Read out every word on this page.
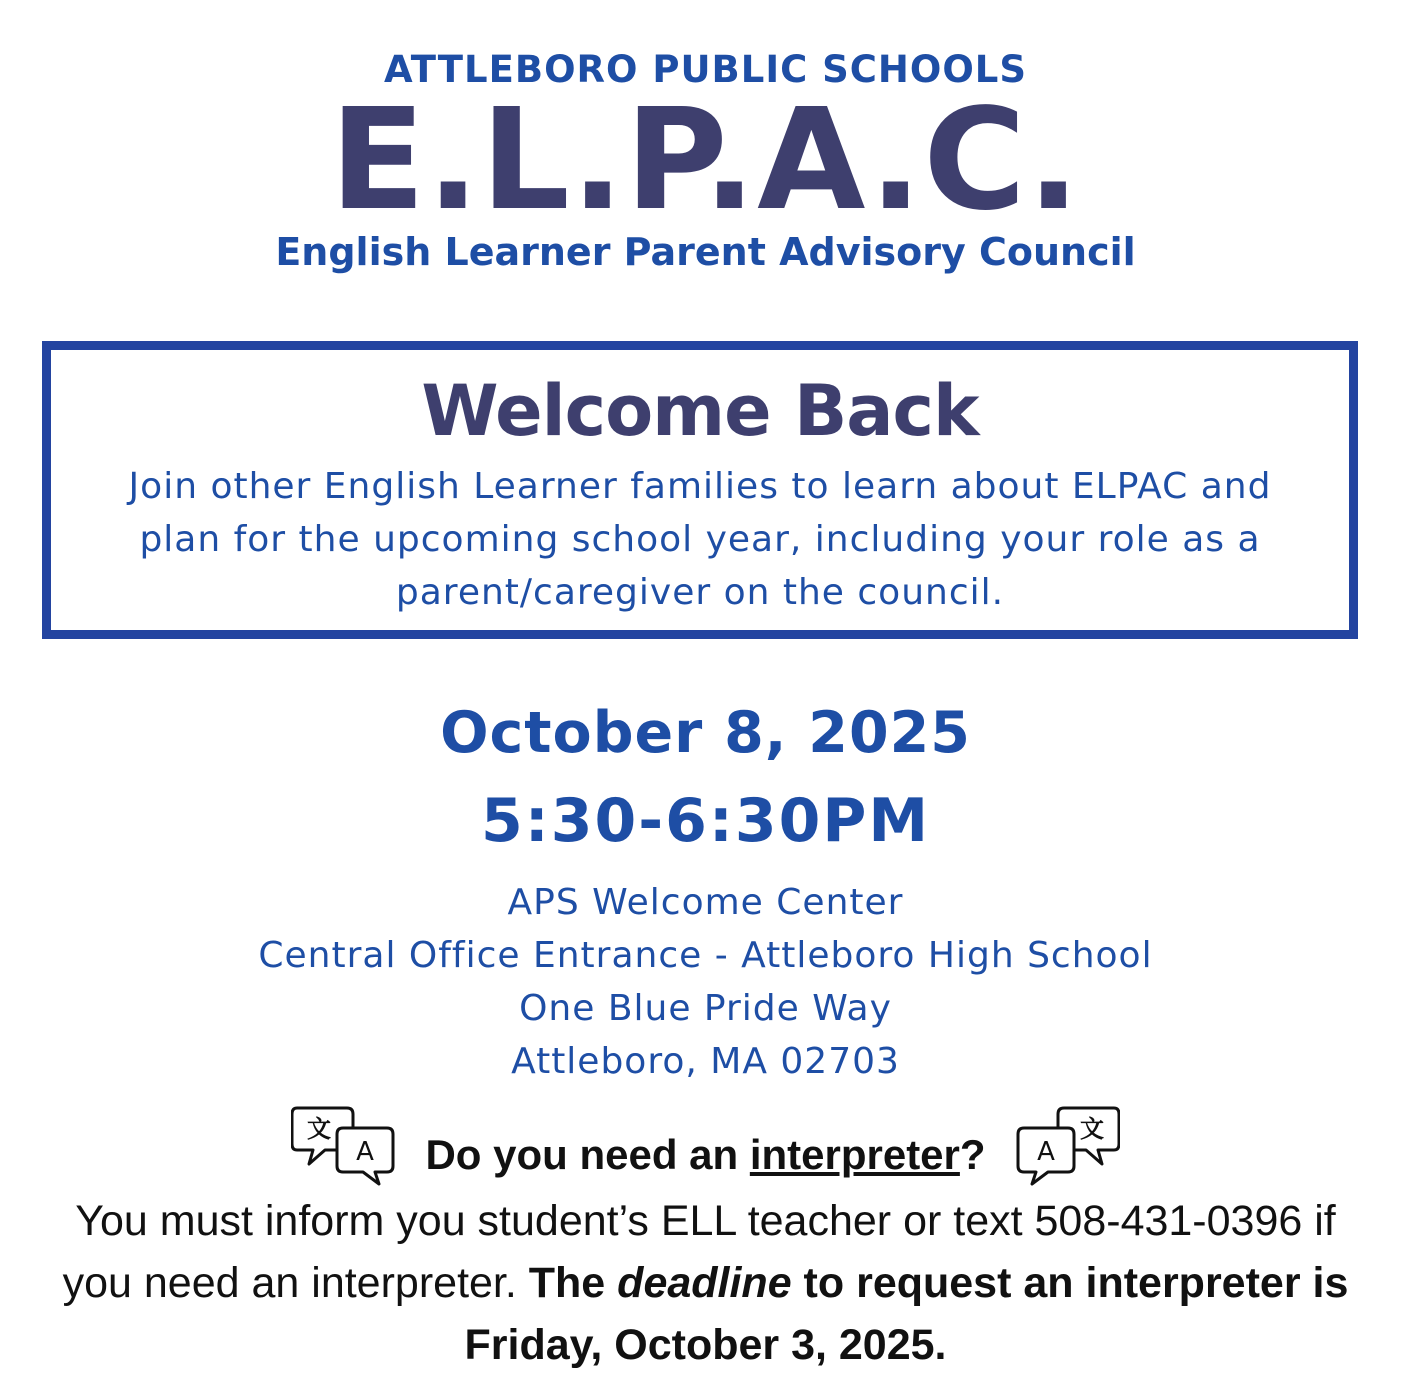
ATTLEBORO PUBLIC SCHOOLS
E.L.P.A.C.
English Learner Parent Advisory Council
Welcome Back
Join other English Learner families to learn about ELPAC and
plan for the upcoming school year, including your role as a
parent/caregiver on the council.
October 8, 2025
5:30-6:30PM
APS Welcome Center
Central Office Entrance - Attleboro High School
One Blue Pride Way
Attleboro, MA 02703
文
A Do you need an interpreter?
文
A
You must inform you student’s ELL teacher or text 508-431-0396 if
you need an interpreter. The deadline to request an interpreter is
Friday, October 3, 2025.
